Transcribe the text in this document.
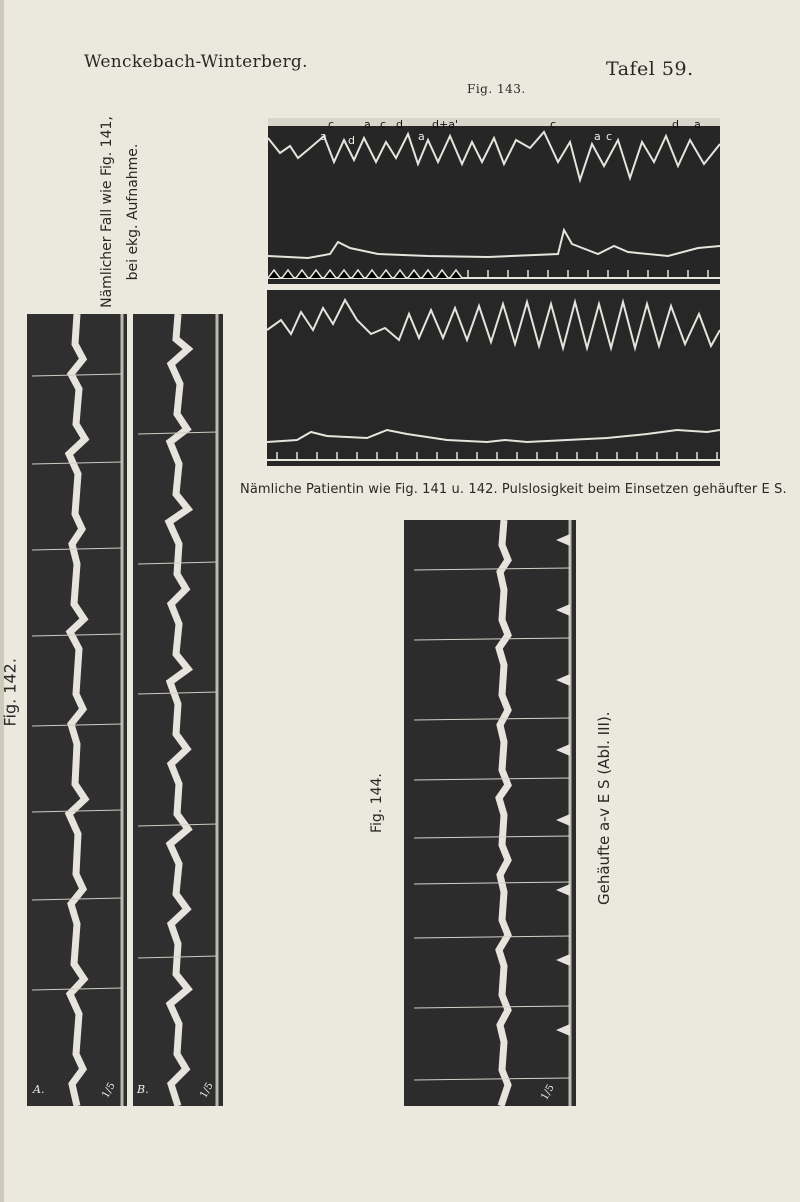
Wenckebach-Winterberg.	Tafel 59.
Fig. 143.
Nämlicher Fall wie Fig. 141, bei ekg. Aufnahme.
Fig. 142.
A.	1/5 B.	1/5
c
a d
a c d	d+a'
a
c
a c
d a
Nämliche Patientin wie Fig. 141 u. 142. Pulslosigkeit beim Einsetzen gehäufter E S.
Fig. 144.
1/5
Gehäufte a-v E S (Abl. III).
